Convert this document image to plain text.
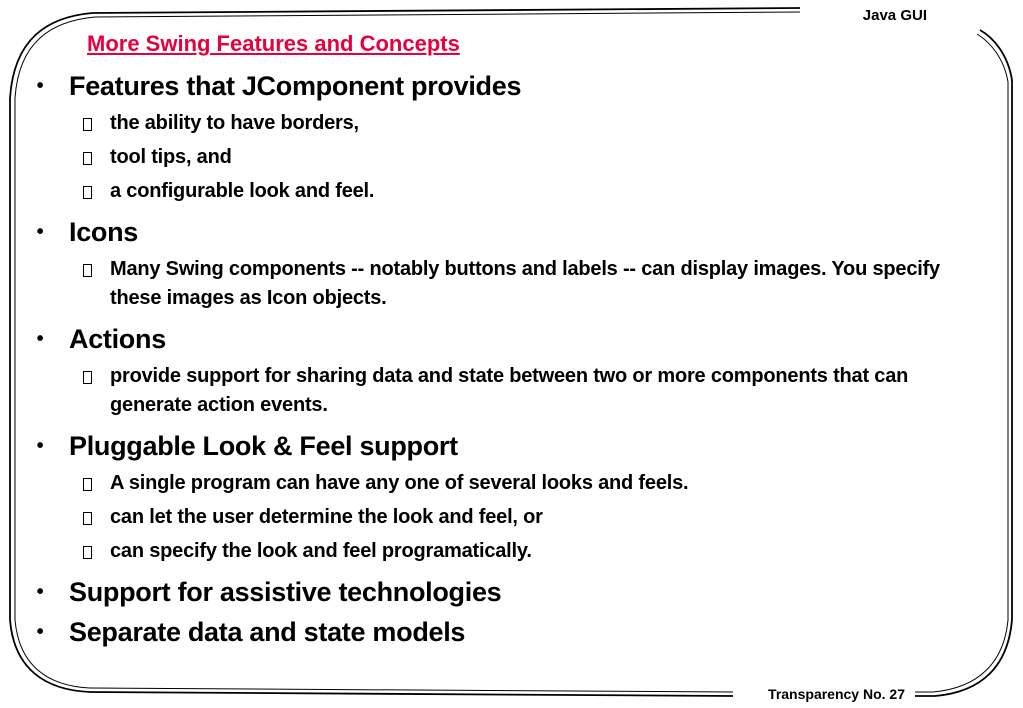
Java GUI
More Swing Features and Concepts
• Features that JComponent provides
the ability to have borders,
tool tips, and
a configurable look and feel.
• Icons
Many Swing components -- notably buttons and labels -- can display images. You specify these images as Icon objects.
• Actions
provide support for sharing data and state between two or more components that can generate action events.
• Pluggable Look & Feel support
A single program can have any one of several looks and feels.
can let the user determine the look and feel, or
can specify the look and feel programatically.
• Support for assistive technologies
• Separate data and state models
Transparency No. 27
